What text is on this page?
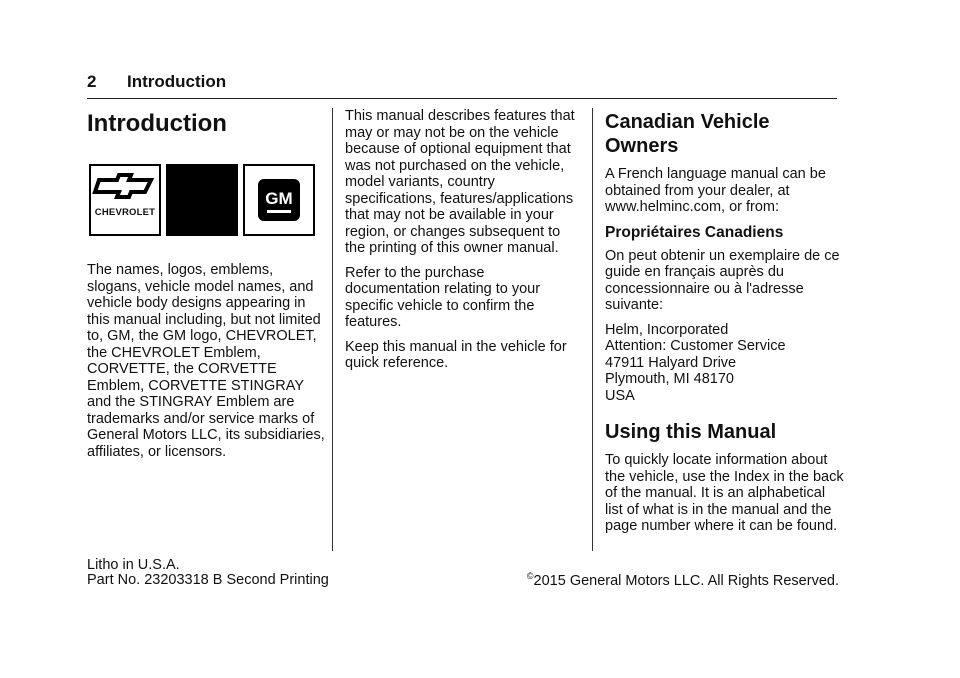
2 Introduction
Introduction
CHEVROLET
GM

The names, logos, emblems, slogans, vehicle model names, and vehicle body designs appearing in this manual including, but not limited to, GM, the GM logo, CHEVROLET, the CHEVROLET Emblem, CORVETTE, the CORVETTE Emblem, CORVETTE STINGRAY and the STINGRAY Emblem are trademarks and/or service marks of General Motors LLC, its subsidiaries, affiliates, or licensors.

This manual describes features that may or may not be on the vehicle because of optional equipment that was not purchased on the vehicle, model variants, country specifications, features/applications that may not be available in your region, or changes subsequent to the printing of this owner manual.

Refer to the purchase documentation relating to your specific vehicle to confirm the features.

Keep this manual in the vehicle for quick reference.

Canadian Vehicle Owners

A French language manual can be obtained from your dealer, at www.helminc.com, or from:

Propriétaires Canadiens

On peut obtenir un exemplaire de ce guide en français auprès du concessionnaire ou à l'adresse suivante:

Helm, Incorporated
Attention: Customer Service
47911 Halyard Drive
Plymouth, MI 48170
USA

Using this Manual

To quickly locate information about the vehicle, use the Index in the back of the manual. It is an alphabetical list of what is in the manual and the page number where it can be found.

Litho in U.S.A.
Part No. 23203318 B Second Printing	©2015 General Motors LLC. All Rights Reserved.
